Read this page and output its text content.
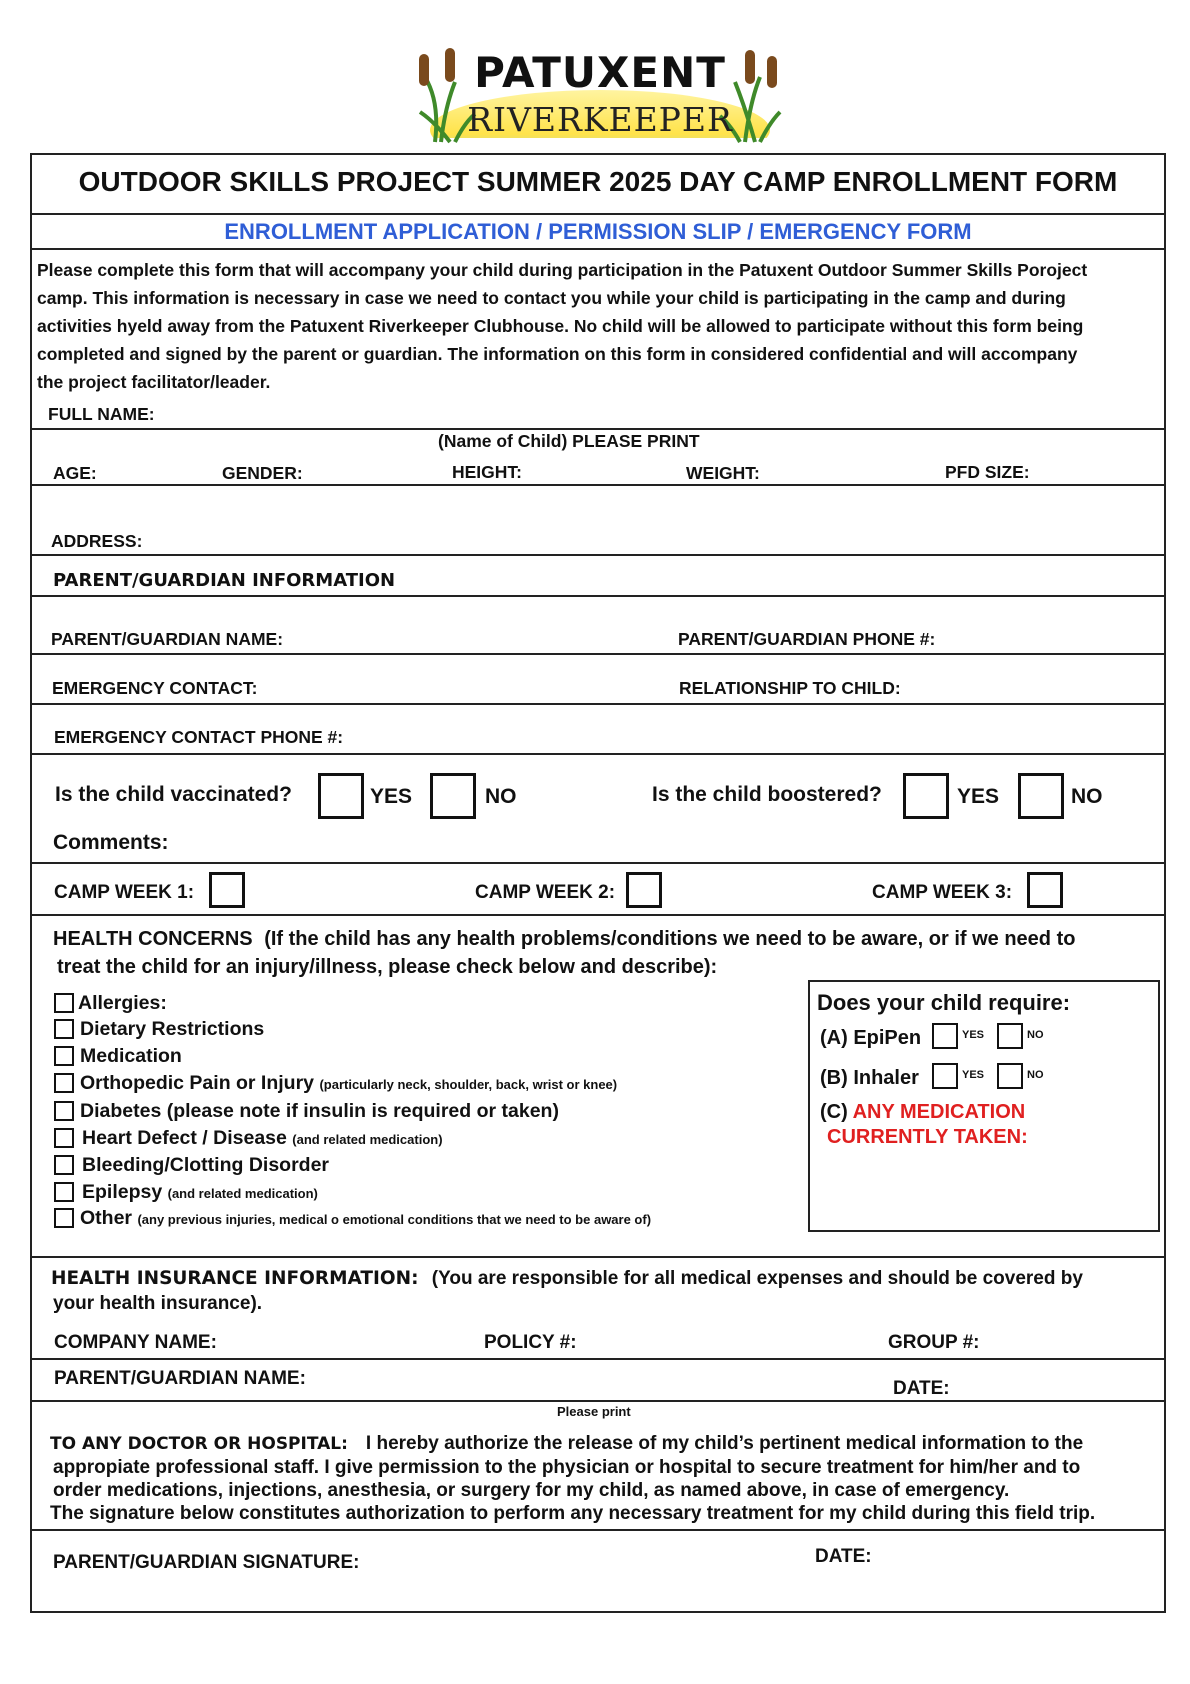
PATUXENT
RIVERKEEPER
OUTDOOR SKILLS PROJECT SUMMER 2025 DAY CAMP ENROLLMENT FORM
ENROLLMENT APPLICATION / PERMISSION SLIP / EMERGENCY FORM
Please complete this form that will accompany your child during participation in the Patuxent Outdoor Summer Skills Poroject
camp. This information is necessary in case we need to contact you while your child is participating in the camp and during
activities hyeld away from the Patuxent Riverkeeper Clubhouse. No child will be allowed to participate without this form being
completed and signed by the parent or guardian. The information on this form in considered confidential and will accompany
the project facilitator/leader.
FULL NAME:
(Name of Child) PLEASE PRINT
AGE:	GENDER:	HEIGHT:	WEIGHT:	PFD SIZE:
ADDRESS:
PARENT/GUARDIAN INFORMATION
PARENT/GUARDIAN NAME:	PARENT/GUARDIAN PHONE #:
EMERGENCY CONTACT:	RELATIONSHIP TO CHILD:
EMERGENCY CONTACT PHONE #:
Is the child vaccinated?	YES	NO	Is the child boostered?	YES	NO
Comments:
CAMP WEEK 1:	CAMP WEEK 2:	CAMP WEEK 3:
HEALTH CONCERNS (If the child has any health problems/conditions we need to be aware, or if we need to
treat the child for an injury/illness, please check below and describe):
Allergies:
Dietary Restrictions
Medication
Orthopedic Pain or Injury (particularly neck, shoulder, back, wrist or knee)
Diabetes (please note if insulin is required or taken)
Heart Defect / Disease (and related medication)
Bleeding/Clotting Disorder
Epilepsy (and related medication)
Other (any previous injuries, medical o emotional conditions that we need to be aware of)
Does your child require:
(A) EpiPen	YES	NO
(B) Inhaler	YES	NO
(C) ANY MEDICATION
CURRENTLY TAKEN:
HEALTH INSURANCE INFORMATION: (You are responsible for all medical expenses and should be covered by
your health insurance).
COMPANY NAME:	POLICY #:	GROUP #:
PARENT/GUARDIAN NAME:	DATE:
Please print
TO ANY DOCTOR OR HOSPITAL: I hereby authorize the release of my child’s pertinent medical information to the
appropiate professional staff. I give permission to the physician or hospital to secure treatment for him/her and to
order medications, injections, anesthesia, or surgery for my child, as named above, in case of emergency.
The signature below constitutes authorization to perform any necessary treatment for my child during this field trip.
PARENT/GUARDIAN SIGNATURE:	DATE:
